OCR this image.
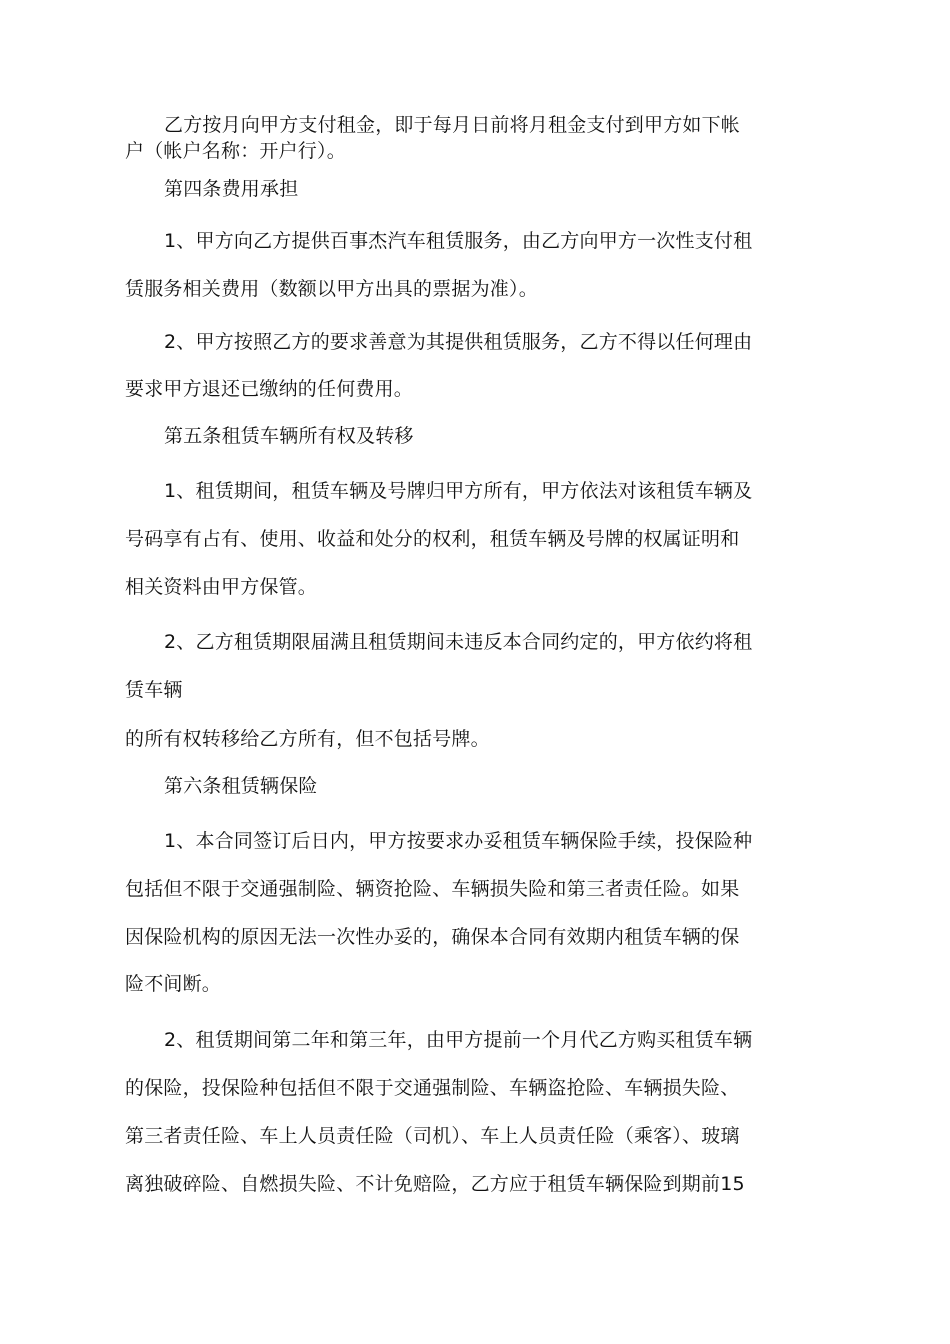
乙方按月向甲方支付租金，即于每月日前将月租金支付到甲方如下帐
户（帐户名称：开户行）。
第四条费用承担
1、甲方向乙方提供百事杰汽车租赁服务，由乙方向甲方一次性支付租
赁服务相关费用（数额以甲方出具的票据为准）。
2、甲方按照乙方的要求善意为其提供租赁服务，乙方不得以任何理由
要求甲方退还已缴纳的任何费用。
第五条租赁车辆所有权及转移
1、租赁期间，租赁车辆及号牌归甲方所有，甲方依法对该租赁车辆及
号码享有占有、使用、收益和处分的权利，租赁车辆及号牌的权属证明和
相关资料由甲方保管。
2、乙方租赁期限届满且租赁期间未违反本合同约定的，甲方依约将租
赁车辆
的所有权转移给乙方所有，但不包括号牌。
第六条租赁辆保险
1、本合同签订后日内，甲方按要求办妥租赁车辆保险手续，投保险种
包括但不限于交通强制险、辆资抢险、车辆损失险和第三者责任险。如果
因保险机构的原因无法一次性办妥的，确保本合同有效期内租赁车辆的保
险不间断。
2、租赁期间第二年和第三年，由甲方提前一个月代乙方购买租赁车辆
的保险，投保险种包括但不限于交通强制险、车辆盗抢险、车辆损失险、
第三者责任险、车上人员责任险（司机）、车上人员责任险（乘客）、玻璃
离独破碎险、自燃损失险、不计免赔险，乙方应于租赁车辆保险到期前15
